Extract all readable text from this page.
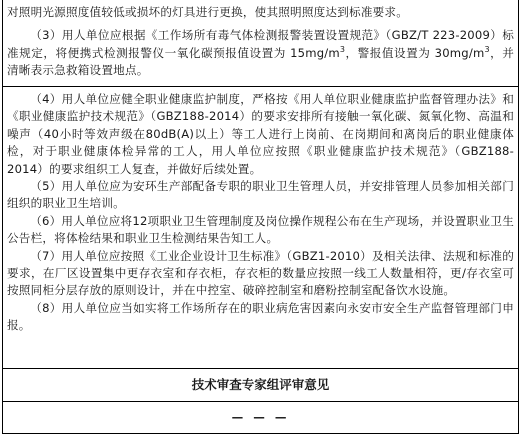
对照明光源照度值较低或损坏的灯具进行更换，使其照明照度达到标准要求。

（3）用人单位应根据《工作场所有毒气体检测报警装置设置规范》（GBZ/T 223-2009）标准规定，将便携式检测报警仪一氧化碳预报值设置为 $15mg/m^3$，警报值设置为 $30mg/m^3$，并清晰表示急救箱设置地点。

（4）用人单位应健全职业健康监护制度，严格按《用人单位职业健康监护监督管理办法》和《职业健康监护技术规范》（GBZ188-2014）的要求安排所有接触一氧化碳、氮氧化物、高温和噪声（40小时等效声级在80dB(A)以上）等工人进行上岗前、在岗期间和离岗后的职业健康体检，对于职业健康体检异常的工人，用人单位应按照《职业健康监护技术规范》（GBZ188-2014）的要求组织工人复查，并做好后续处置。

（5）用人单位应为安环生产部配备专职的职业卫生管理人员，并安排管理人员参加相关部门组织的职业卫生培训。

（6）用人单位应将12项职业卫生管理制度及岗位操作规程公布在生产现场，并设置职业卫生公告栏，将体检结果和职业卫生检测结果告知工人。

（7）用人单位应按照《工业企业设计卫生标准》（GBZ1-2010）及相关法律、法规和标准的要求，在厂区设置集中更存衣室和存衣柜，存衣柜的数量应按照一线工人数量相符，更/存衣室可按照同柜分层存放的原则设计，并在中控室、破碎控制室和磨粉控制室配备饮水设施。

（8）用人单位应当如实将工作场所存在的职业病危害因素向永安市安全生产监督管理部门申报。

技术审查专家组评审意见
— — —
